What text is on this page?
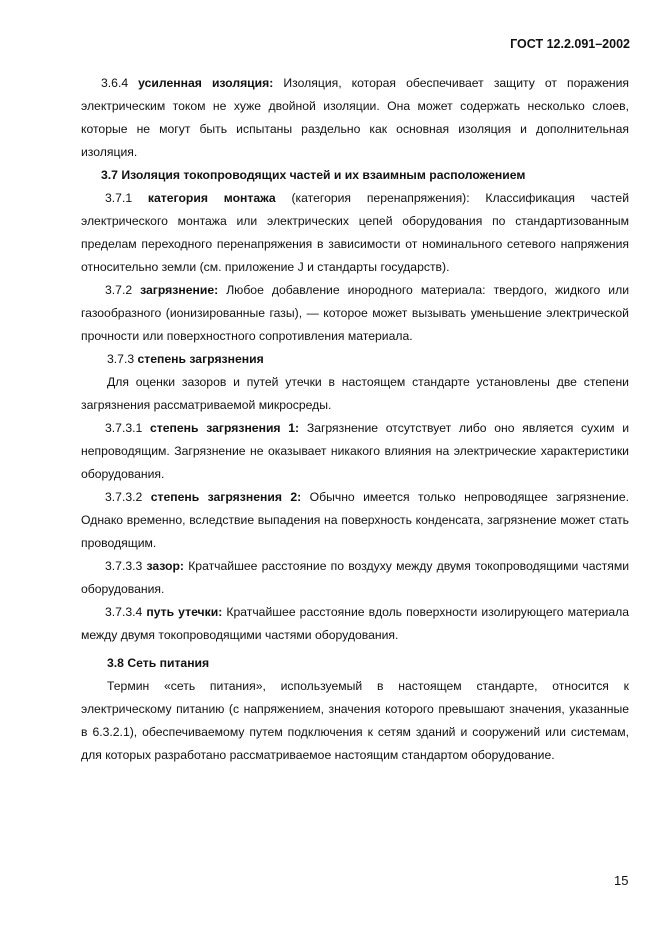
ГОСТ 12.2.091–2002

3.6.4 усиленная изоляция: Изоляция, которая обеспечивает защиту от поражения электрическим током не хуже двойной изоляции. Она может содержать несколько слоев, которые не могут быть испытаны раздельно как основная изоляция и дополнительная изоляция.

3.7 Изоляция токопроводящих частей и их взаимным расположением

3.7.1 категория монтажа (категория перенапряжения): Классификация частей электрического монтажа или электрических цепей оборудования по стандартизованным пределам переходного перенапряжения в зависимости от номинального сетевого напряжения относительно земли (см. приложение J и стандарты государств).

3.7.2 загрязнение: Любое добавление инородного материала: твердого, жидкого или газообразного (ионизированные газы), — которое может вызывать уменьшение электрической прочности или поверхностного сопротивления материала.

3.7.3 степень загрязнения

Для оценки зазоров и путей утечки в настоящем стандарте установлены две степени загрязнения рассматриваемой микросреды.

3.7.3.1 степень загрязнения 1: Загрязнение отсутствует либо оно является сухим и непроводящим. Загрязнение не оказывает никакого влияния на электрические характеристики оборудования.

3.7.3.2 степень загрязнения 2: Обычно имеется только непроводящее загрязнение. Однако временно, вследствие выпадения на поверхность конденсата, загрязнение может стать проводящим.

3.7.3.3 зазор: Кратчайшее расстояние по воздуху между двумя токопроводящими частями оборудования.

3.7.3.4 путь утечки: Кратчайшее расстояние вдоль поверхности изолирующего материала между двумя токопроводящими частями оборудования.

3.8 Сеть питания

Термин «сеть питания», используемый в настоящем стандарте, относится к электрическому питанию (с напряжением, значения которого превышают значения, указанные в 6.3.2.1), обеспечиваемому путем подключения к сетям зданий и сооружений или системам, для которых разработано рассматриваемое настоящим стандартом оборудование.

15
